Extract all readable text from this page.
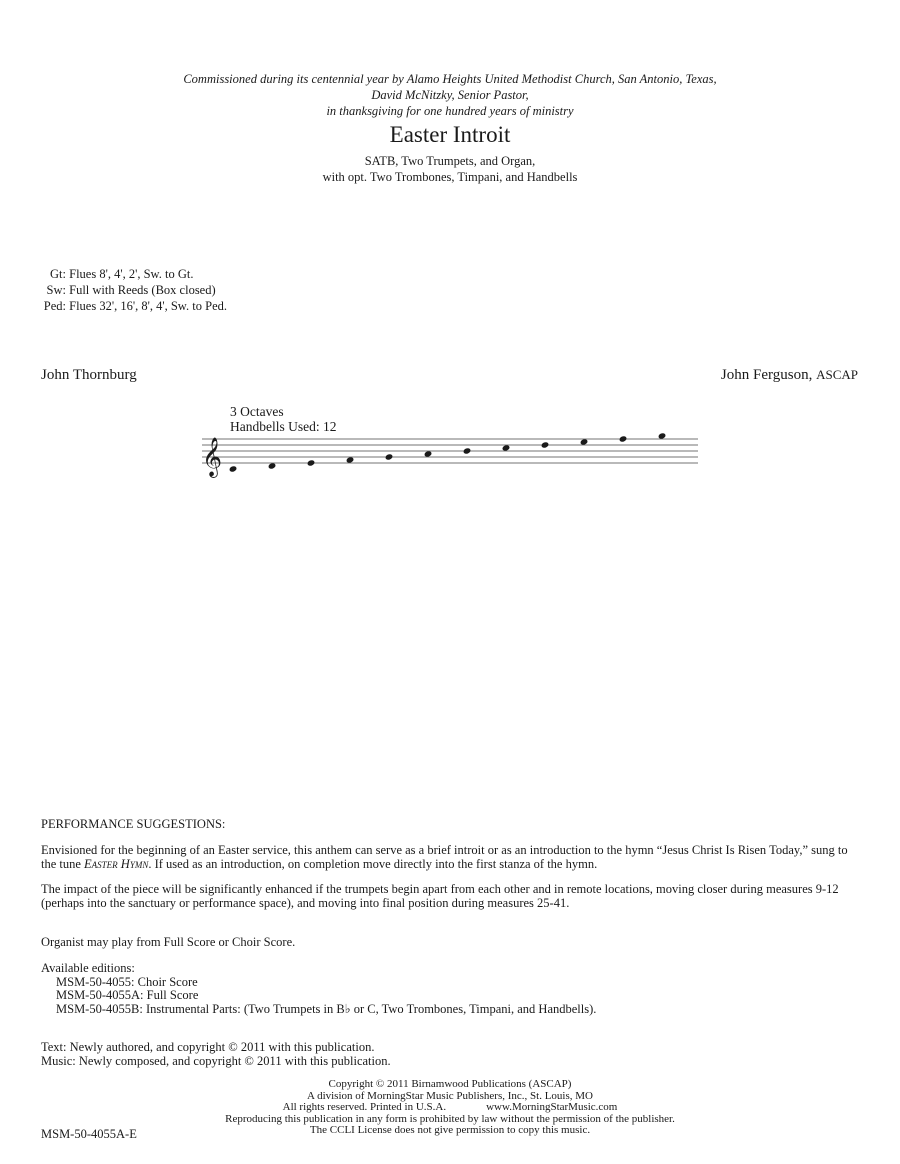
Commissioned during its centennial year by Alamo Heights United Methodist Church, San Antonio, Texas,
David McNitzky, Senior Pastor,
in thanksgiving for one hundred years of ministry
Easter Introit
SATB, Two Trumpets, and Organ,
with opt. Two Trombones, Timpani, and Handbells
Gt: Flues 8', 4', 2', Sw. to Gt.
Sw: Full with Reeds (Box closed)
Ped: Flues 32', 16', 8', 4', Sw. to Ped.
John Thornburg	John Ferguson, ASCAP
3 Octaves
Handbells Used: 12
𝄞
PERFORMANCE SUGGESTIONS:
Envisioned for the beginning of an Easter service, this anthem can serve as a brief introit or as an introduction to the hymn “Jesus Christ Is Risen Today,” sung to the tune Easter Hymn. If used as an introduction, on completion move directly into the first stanza of the hymn.
The impact of the piece will be significantly enhanced if the trumpets begin apart from each other and in remote locations, moving closer during measures 9-12 (perhaps into the sanctuary or performance space), and moving into final position during measures 25-41.
Organist may play from Full Score or Choir Score.
Available editions:
MSM-50-4055: Choir Score
MSM-50-4055A: Full Score
MSM-50-4055B: Instrumental Parts: (Two Trumpets in B♭ or C, Two Trombones, Timpani, and Handbells).
Text: Newly authored, and copyright © 2011 with this publication.
Music: Newly composed, and copyright © 2011 with this publication.
Copyright © 2011 Birnamwood Publications (ASCAP)
A division of MorningStar Music Publishers, Inc., St. Louis, MO
All rights reserved. Printed in U.S.A.	www.MorningStarMusic.com
Reproducing this publication in any form is prohibited by law without the permission of the publisher.
The CCLI License does not give permission to copy this music.
MSM-50-4055A-E
